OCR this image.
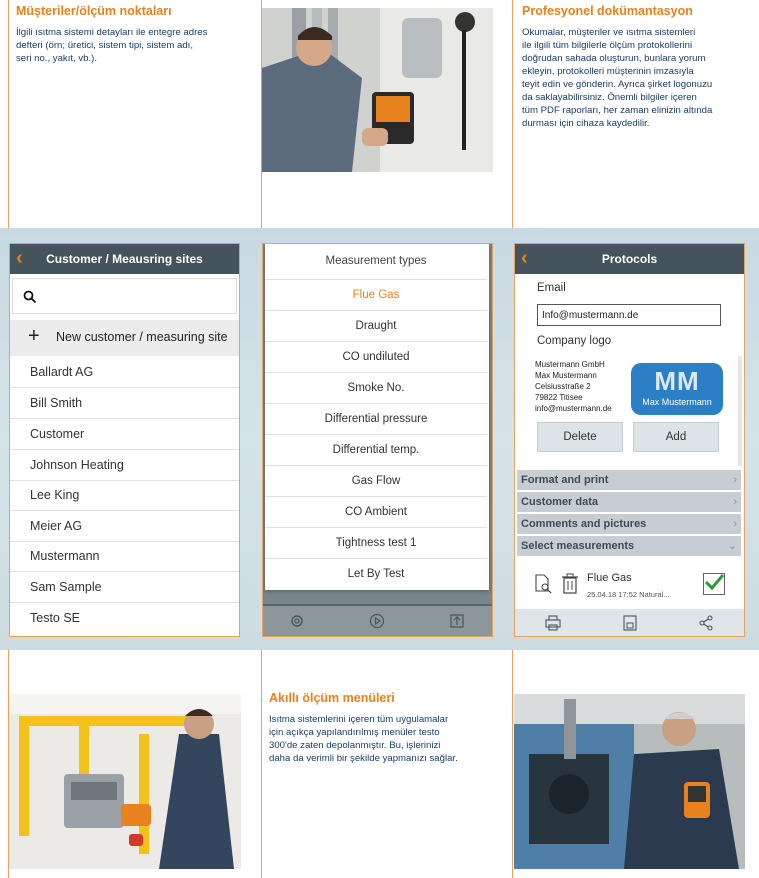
Müşteriler/ölçüm noktaları
İlgili ısıtma sistemi detayları ile entegre adres
defteri (örn; üretici, sistem tipi, sistem adı,
seri no., yakıt, vb.).
Profesyonel dokümantasyon
Okumalar, müşteriler ve ısıtma sistemleri
ile ilgili tüm bilgilerle ölçüm protokollerini
doğrudan sahada oluşturun, bunlara yorum
ekleyin, protokolleri müşterinin imzasıyla
teyit edin ve gönderin. Ayrıca şirket logonuzu
da saklayabilirsiniz. Önemli bilgiler içeren
tüm PDF raporları, her zaman elinizin altında
durması için cihaza kaydedilir.
‹ Customer / Meausring sites
+ New customer / measuring site
Ballardt AG
Bill Smith
Customer
Johnson Heating
Lee King
Meier AG
Mustermann
Sam Sample
Testo SE
Measurement types
Flue Gas
Draught
CO undiluted
Smoke No.
Differential pressure
Differential temp.
Gas Flow
CO Ambient
Tightness test 1
Let By Test
‹	Protocols
Email
Info@mustermann.de
Company logo
Mustermann GmbH
Max Mustermann
Celsiusstraße 2
79822 Titisee
info@mustermann.de
MM
Max Mustermann
Delete	Add
Format and print	›
Customer data	›
Comments and pictures	›
Select measurements	⌄
Flue Gas
25.04.18 17:52 Natural...
Akıllı ölçüm menüleri
Isıtma sistemlerini içeren tüm uygulamalar
için açıkça yapılandırılmış menüler testo
300'de zaten depolanmıştır. Bu, işlerinizi
daha da verimli bir şekilde yapmanızı sağlar.
